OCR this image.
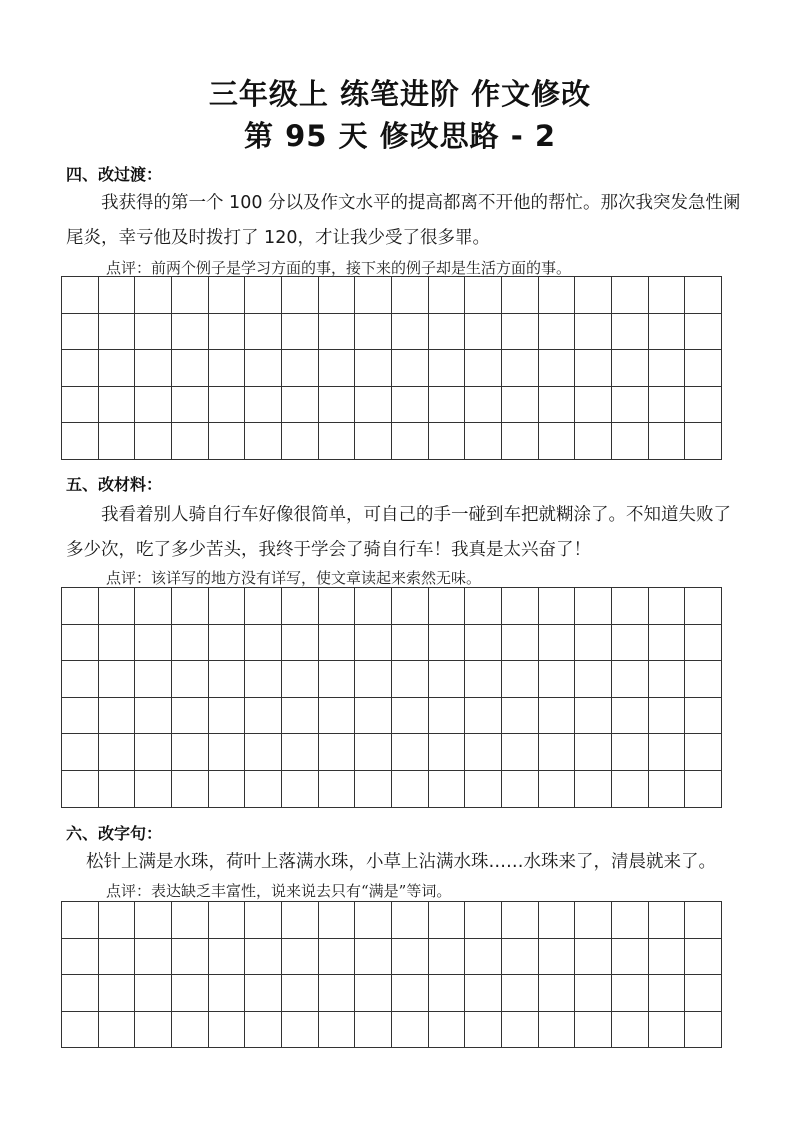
三年级上 练笔进阶 作文修改
第 95 天 修改思路 - 2
四、改过渡：
我获得的第一个 100 分以及作文水平的提高都离不开他的帮忙。那次我突发急性阑尾炎，幸亏他及时拨打了 120，才让我少受了很多罪。
点评：前两个例子是学习方面的事，接下来的例子却是生活方面的事。
五、改材料：
我看着别人骑自行车好像很简单，可自己的手一碰到车把就糊涂了。不知道失败了多少次，吃了多少苦头，我终于学会了骑自行车！我真是太兴奋了！
点评：该详写的地方没有详写，使文章读起来索然无味。
六、改字句：
松针上满是水珠，荷叶上落满水珠，小草上沾满水珠……水珠来了，清晨就来了。
点评：表达缺乏丰富性，说来说去只有“满是”等词。
